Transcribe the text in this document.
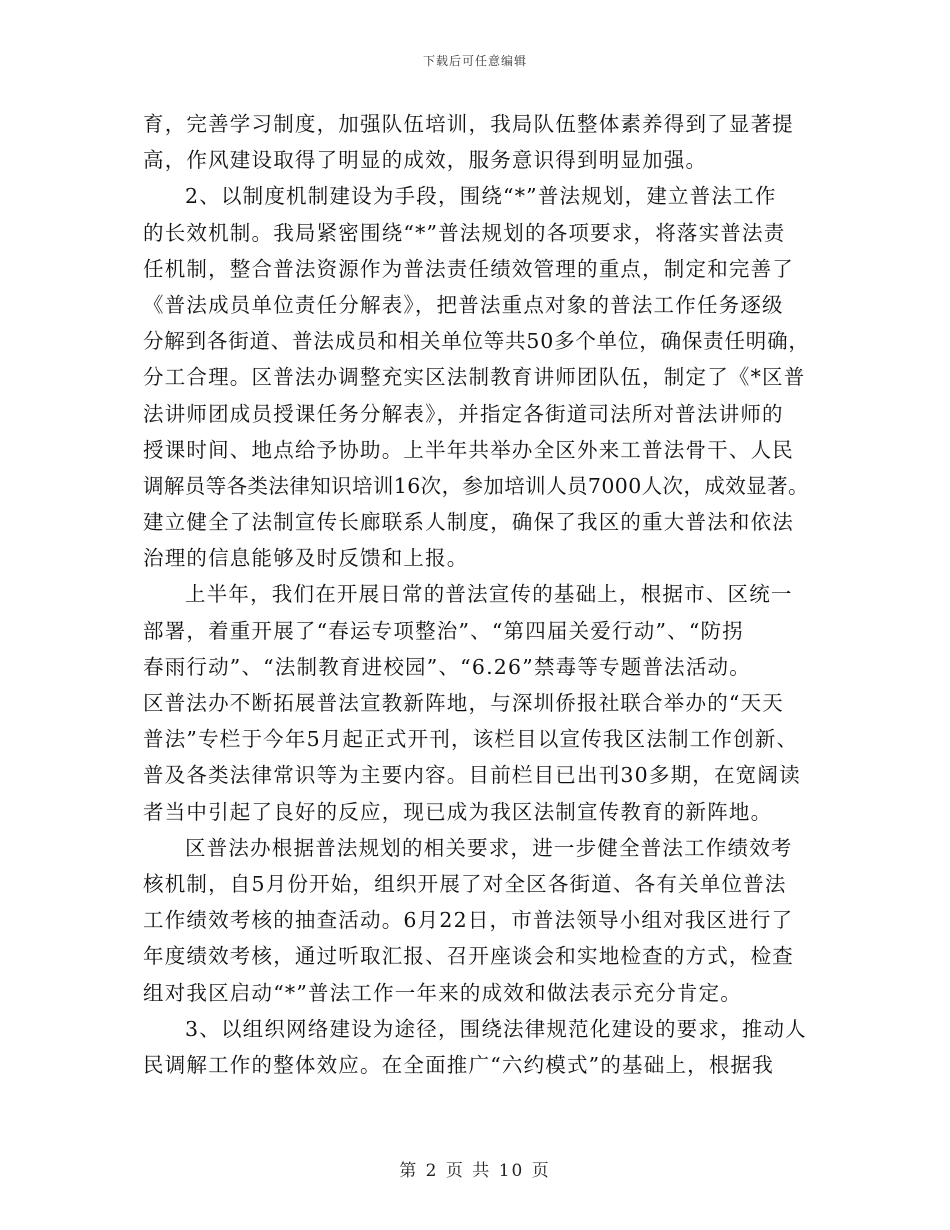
下载后可任意编辑
育，完善学习制度，加强队伍培训，我局队伍整体素养得到了显著提
高，作风建设取得了明显的成效，服务意识得到明显加强。
2、以制度机制建设为手段，围绕“*”普法规划，建立普法工作
的长效机制。我局紧密围绕“*”普法规划的各项要求，将落实普法责
任机制，整合普法资源作为普法责任绩效管理的重点，制定和完善了
《普法成员单位责任分解表》，把普法重点对象的普法工作任务逐级
分解到各街道、普法成员和相关单位等共50多个单位，确保责任明确，
分工合理。区普法办调整充实区法制教育讲师团队伍，制定了《*区普
法讲师团成员授课任务分解表》，并指定各街道司法所对普法讲师的
授课时间、地点给予协助。上半年共举办全区外来工普法骨干、人民
调解员等各类法律知识培训16次，参加培训人员7000人次，成效显著。
建立健全了法制宣传长廊联系人制度，确保了我区的重大普法和依法
治理的信息能够及时反馈和上报。
上半年，我们在开展日常的普法宣传的基础上，根据市、区统一
部署，着重开展了“春运专项整治”、“第四届关爱行动”、“防拐
春雨行动”、“法制教育进校园”、“6.26”禁毒等专题普法活动。
区普法办不断拓展普法宣教新阵地，与深圳侨报社联合举办的“天天
普法”专栏于今年5月起正式开刊，该栏目以宣传我区法制工作创新、
普及各类法律常识等为主要内容。目前栏目已出刊30多期，在宽阔读
者当中引起了良好的反应，现已成为我区法制宣传教育的新阵地。
区普法办根据普法规划的相关要求，进一步健全普法工作绩效考
核机制，自5月份开始，组织开展了对全区各街道、各有关单位普法
工作绩效考核的抽查活动。6月22日，市普法领导小组对我区进行了
年度绩效考核，通过听取汇报、召开座谈会和实地检查的方式，检查
组对我区启动“*”普法工作一年来的成效和做法表示充分肯定。
3、以组织网络建设为途径，围绕法律规范化建设的要求，推动人
民调解工作的整体效应。在全面推广“六约模式”的基础上，根据我
第 2 页 共 10 页
